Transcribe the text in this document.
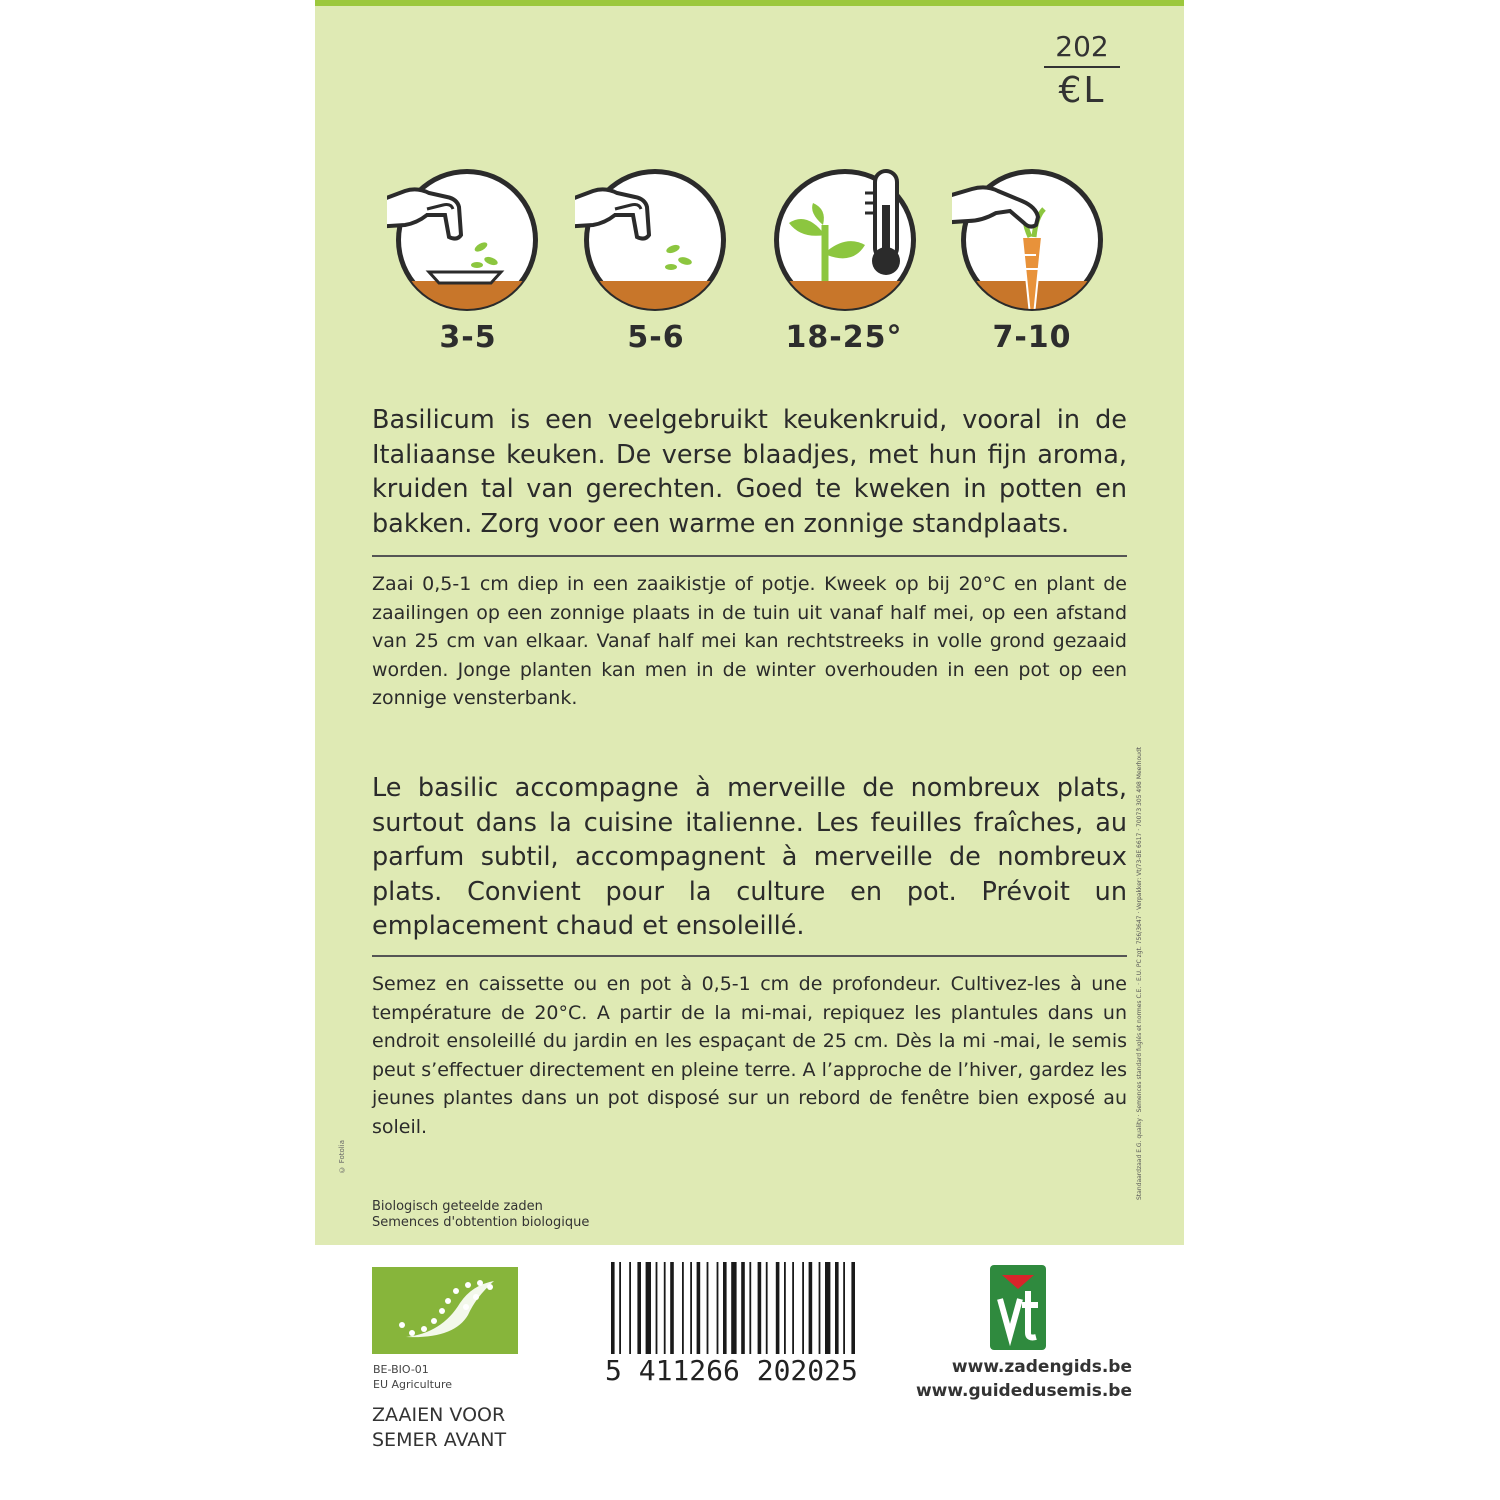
202
€L
3-5	5-6	18-25°	7-10

Basilicum is een veelgebruikt keukenkruid, vooral in de Italiaanse keuken. De verse blaadjes, met hun fijn aroma, kruiden tal van gerechten. Goed te kweken in potten en bakken. Zorg voor een warme en zonnige standplaats.

Zaai 0,5-1 cm diep in een zaaikistje of potje. Kweek op bij 20°C en plant de zaailingen op een zonnige plaats in de tuin uit vanaf half mei, op een afstand van 25 cm van elkaar. Vanaf half mei kan rechtstreeks in volle grond gezaaid worden. Jonge planten kan men in de winter overhouden in een pot op een zonnige vensterbank.

Le basilic accompagne à merveille de nombreux plats, surtout dans la cuisine italienne. Les feuilles fraîches, au parfum subtil, accompagnent à merveille de nombreux plats. Convient pour la culture en pot. Prévoit un emplacement chaud et ensoleillé.

Semez en caissette ou en pot à 0,5-1 cm de profondeur. Cultivez-les à une température de 20°C. A partir de la mi-mai, repiquez les plantules dans un endroit ensoleillé du jardin en les espaçant de 25 cm. Dès la mi -mai, le semis peut s’effectuer directement en pleine terre. A l’approche de l’hiver, gardez les jeunes plantes dans un pot disposé sur un rebord de fenêtre bien exposé au soleil.

Biologisch geteelde zaden
Semences d'obtention biologique
Standaardzaad E.G. quality · Semences standard fuglés et normes C.E. · E.U. PC zgt. 756/3647 · Verpakker: Vt/73-BE 6617 · 70073 305 498 Meerhoudt
© Fotolia
BE-BIO-01
EU Agriculture
ZAAIEN VOOR
SEMER AVANT
5 411266 202025	www.zadengids.be
www.guidedusemis.be
